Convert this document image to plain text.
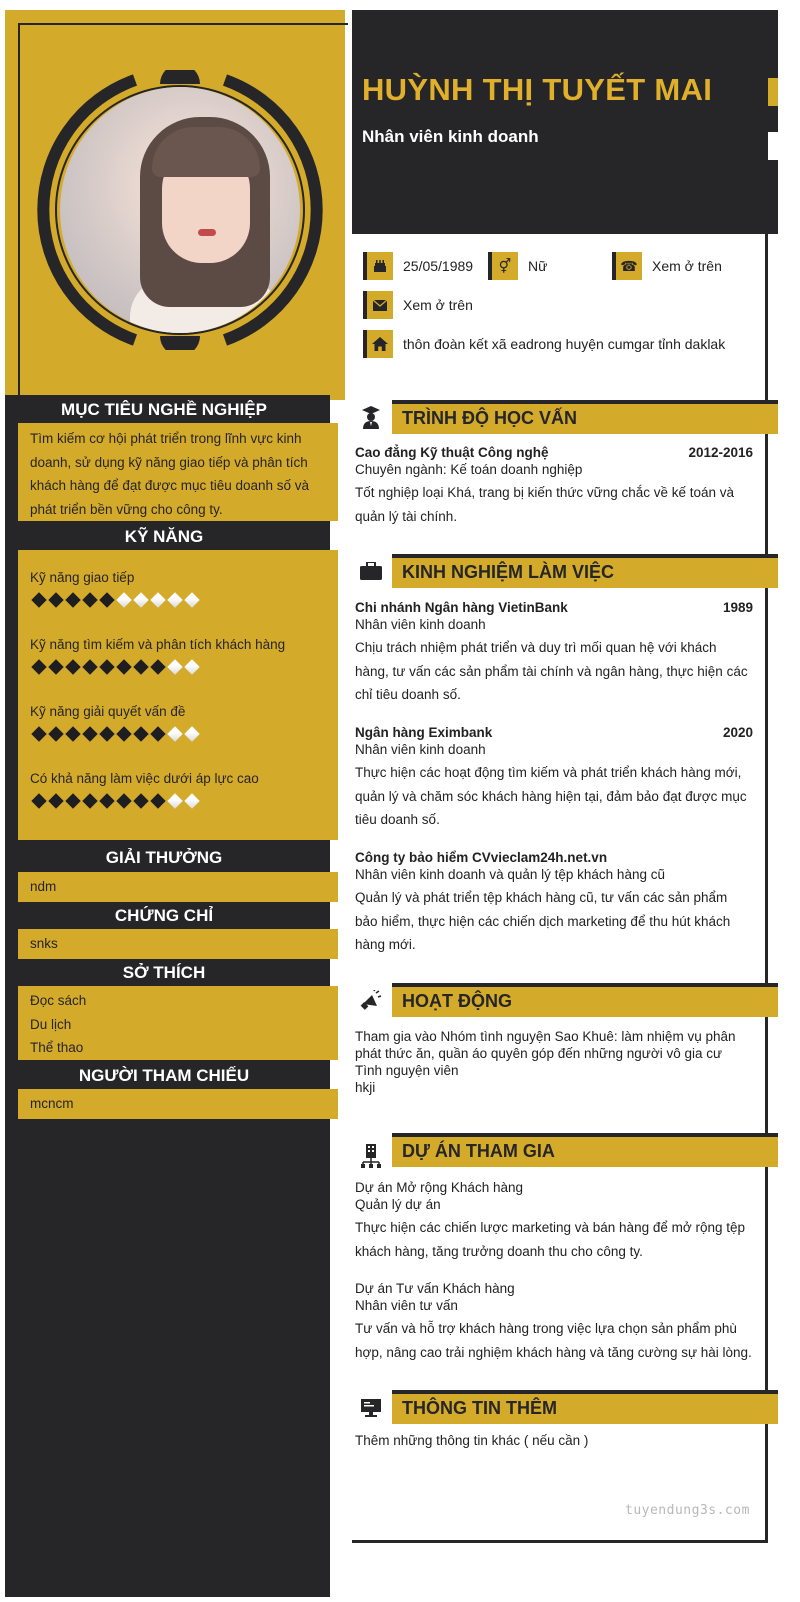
MỤC TIÊU NGHỀ NGHIỆP
Tìm kiếm cơ hội phát triển trong lĩnh vực kinh doanh, sử dụng kỹ năng giao tiếp và phân tích khách hàng để đạt được mục tiêu doanh số và phát triển bền vững cho công ty.
KỸ NĂNG
Kỹ năng giao tiếp
Kỹ năng tìm kiếm và phân tích khách hàng
Kỹ năng giải quyết vấn đề
Có khả năng làm việc dưới áp lực cao
GIẢI THƯỞNG
ndm
CHỨNG CHỈ
snks
SỞ THÍCH
Đọc sách
Du lịch
Thể thao
NGƯỜI THAM CHIẾU
mcncm
HUỲNH THỊ TUYẾT MAI
Nhân viên kinh doanh
25/05/1989	⚥	Nữ	☎	Xem ở trên
Xem ở trên
thôn đoàn kết xã eadrong huyện cumgar tỉnh daklak
TRÌNH ĐỘ HỌC VẤN
Cao đẳng Kỹ thuật Công nghệ	2012-2016
Chuyên ngành: Kế toán doanh nghiệp
Tốt nghiệp loại Khá, trang bị kiến thức vững chắc về kế toán và quản lý tài chính.
KINH NGHIỆM LÀM VIỆC
Chi nhánh Ngân hàng VietinBank	1989
Nhân viên kinh doanh
Chịu trách nhiệm phát triển và duy trì mối quan hệ với khách hàng, tư vấn các sản phẩm tài chính và ngân hàng, thực hiện các chỉ tiêu doanh số.
Ngân hàng Eximbank	2020
Nhân viên kinh doanh
Thực hiện các hoạt động tìm kiếm và phát triển khách hàng mới, quản lý và chăm sóc khách hàng hiện tại, đảm bảo đạt được mục tiêu doanh số.
Công ty bảo hiểm CVvieclam24h.net.vn
Nhân viên kinh doanh và quản lý tệp khách hàng cũ
Quản lý và phát triển tệp khách hàng cũ, tư vấn các sản phẩm bảo hiểm, thực hiện các chiến dịch marketing để thu hút khách hàng mới.
HOẠT ĐỘNG
Tham gia vào Nhóm tình nguyện Sao Khuê: làm nhiệm vụ phân phát thức ăn, quần áo quyên góp đến những người vô gia cư
Tình nguyện viên
hkji
DỰ ÁN THAM GIA
Dự án Mở rộng Khách hàng
Quản lý dự án
Thực hiện các chiến lược marketing và bán hàng để mở rộng tệp khách hàng, tăng trưởng doanh thu cho công ty.
Dự án Tư vấn Khách hàng
Nhân viên tư vấn
Tư vấn và hỗ trợ khách hàng trong việc lựa chọn sản phẩm phù hợp, nâng cao trải nghiệm khách hàng và tăng cường sự hài lòng.
THÔNG TIN THÊM
Thêm những thông tin khác ( nếu cần )
tuyendung3s.com
